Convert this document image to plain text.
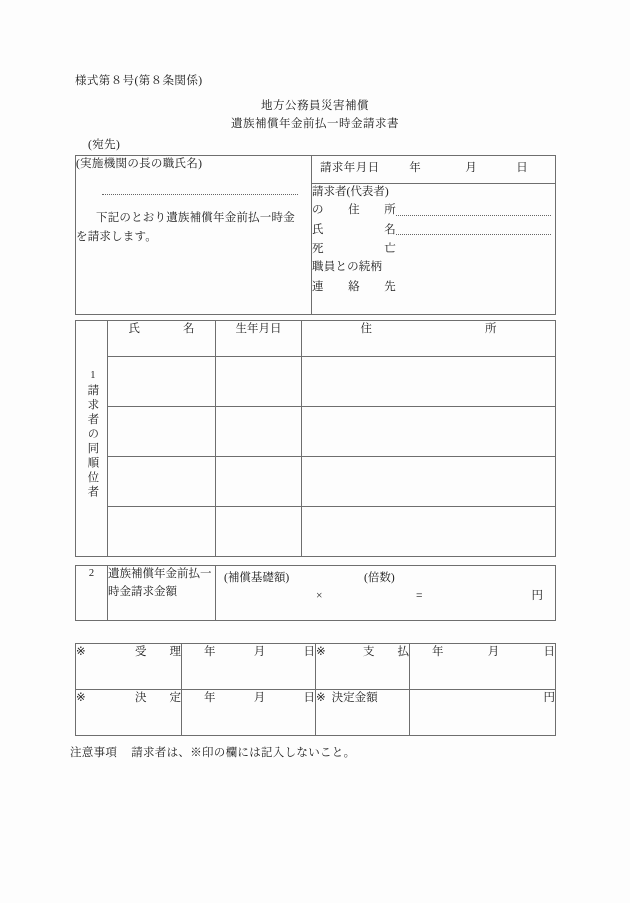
様式第８号(第８条関係)
地方公務員災害補償
遺族補償年金前払一時金請求書
(宛先)
(実施機関の長の職氏名)
下記のとおり遺族補償年金前払一時金
を請求します。

請求年月日	年	月	日

請求者(代表者)
の 住 所
氏	名
死	亡
職員との続柄
連 絡 先
1請求者の同順位者	氏 名	生年月日	住 所

2	遺族補償年金前払一
時金請求金額	
(補償基礎額)	(倍数)
×	=	円
※ 受　　理	年 月 日	※ 支　　払	年 月 日

※ 決　　定	年 月 日	※ 決定金額	円
注意事項 請求者は、※印の欄には記入しないこと。
